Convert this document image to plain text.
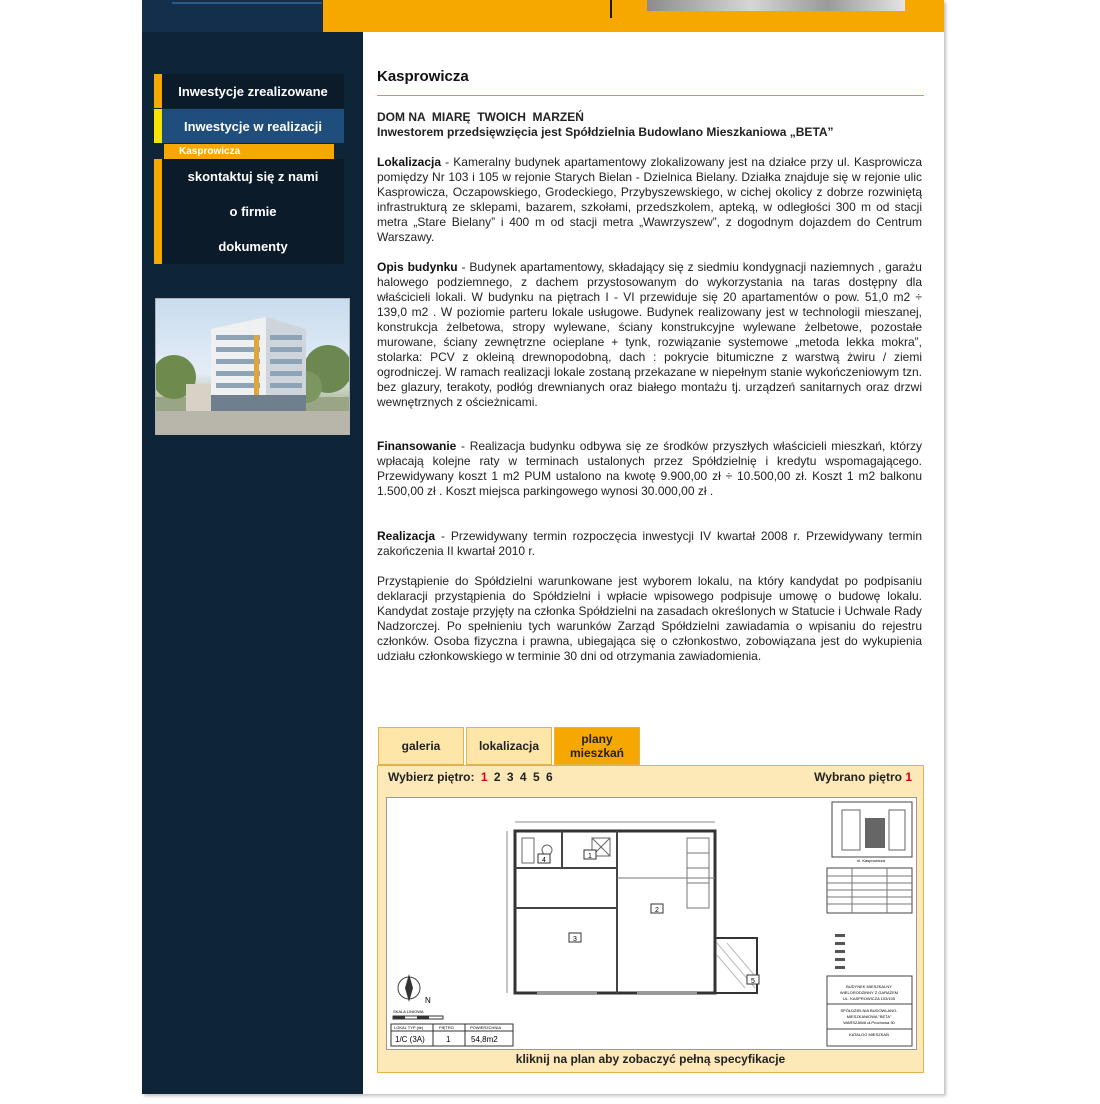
Inwestycje zrealizowane
Inwestycje w realizacji
Kasprowicza
skontaktuj się z nami
o firmie
dokumenty
Kasprowicza
DOM NA  MIARĘ  TWOICH  MARZEŃ
Inwestorem przedsięwzięcia jest Spółdzielnia Budowlano Mieszkaniowa „BETA”
Lokalizacja - Kameralny budynek apartamentowy zlokalizowany jest na działce przy ul. Kasprowicza pomiędzy Nr 103 i 105 w rejonie Starych Bielan - Dzielnica Bielany. Działka znajduje się w rejonie ulic Kasprowicza, Oczapowskiego, Grodeckiego, Przybyszewskiego, w cichej okolicy z dobrze rozwiniętą infrastrukturą ze sklepami, bazarem, szkołami, przedszkolem, apteką, w odległości 300 m od stacji metra „Stare Bielany” i 400 m od stacji metra „Wawrzyszew”, z dogodnym dojazdem do Centrum Warszawy.
Opis budynku - Budynek apartamentowy, składający się z siedmiu kondygnacji naziemnych , garażu halowego podziemnego, z dachem przystosowanym do wykorzystania na taras dostępny dla właścicieli lokali. W budynku na piętrach I - VI przewiduje się 20 apartamentów o pow. 51,0 m2 ÷ 139,0 m2 . W poziomie parteru lokale usługowe. Budynek realizowany jest w technologii mieszanej, konstrukcja żelbetowa, stropy wylewane, ściany konstrukcyjne wylewane żelbetowe, pozostałe murowane, ściany zewnętrzne ocieplane + tynk, rozwiązanie systemowe „metoda lekka mokra”, stolarka: PCV z okleiną drewnopodobną, dach : pokrycie bitumiczne z warstwą żwiru / ziemi ogrodniczej. W ramach realizacji lokale zostaną przekazane w niepełnym stanie wykończeniowym tzn. bez glazury, terakoty, podłóg drewnianych oraz białego montażu tj. urządzeń sanitarnych oraz drzwi wewnętrznych z ościeżnicami.
Finansowanie - Realizacja budynku odbywa się ze środków przyszłych właścicieli mieszkań, którzy wpłacają kolejne raty w terminach ustalonych przez Spółdzielnię i kredytu wspomagającego. Przewidywany koszt 1 m2 PUM ustalono na kwotę 9.900,00 zł ÷ 10.500,00 zł. Koszt 1 m2 balkonu 1.500,00 zł . Koszt miejsca parkingowego wynosi 30.000,00 zł .
Realizacja - Przewidywany termin rozpoczęcia inwestycji IV kwartał 2008 r. Przewidywany termin zakończenia II kwartał 2010 r.
Przystąpienie do Spółdzielni warunkowane jest wyborem lokalu, na który kandydat po podpisaniu deklaracji przystąpienia do Spółdzielni i wpłacie wpisowego podpisuje umowę o budowę lokalu. Kandydat zostaje przyjęty na członka Spółdzielni na zasadach określonych w Statucie i Uchwale Rady Nadzorczej. Po spełnieniu tych warunków Zarząd Spółdzielni zawiadamia o wpisaniu do rejestru członków. Osoba fizyczna i prawna, ubiegająca się o członkostwo, zobowiązana jest do wykupienia udziału członkowskiego w terminie 30 dni od otrzymania zawiadomienia.
galeria	lokalizacja	plany mieszkań
Wybierz piętro: 1 2 3 4 5 6	Wybrano piętro 1
4
1
2
3
5
N
SKALA LINIOWA
LOKAL TYP (ile)	PIĘTRO	POWIERZCHNIA
1/C (3A)	1	54,8m2
ul. Kasprowicza
BUDYNEK MIESZKALNY
WIELORODZINNY Z GARAŻEM
UL. KASPROWICZA 103/105
SPÓŁDZIELNIA BUDOWLANO-
MIESZKANIOWA "BETA"
WARSZAWA ul.Prochowa 30
KATALOG MIESZKAŃ
kliknij na plan aby zobaczyć pełną specyfikacje
